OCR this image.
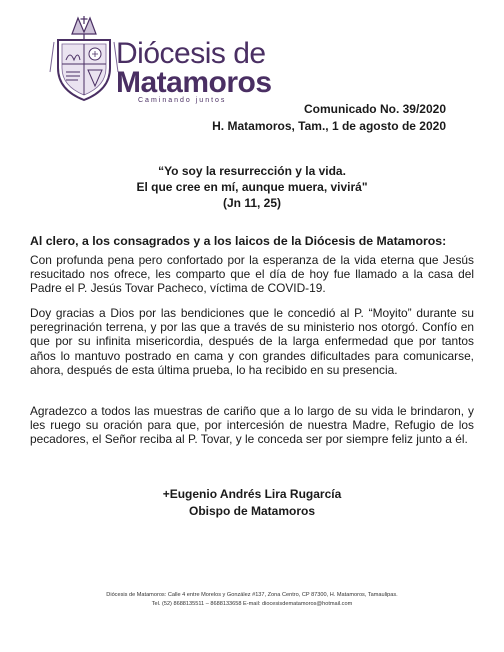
Diócesis de
Matamoros
Caminando juntos
Comunicado No. 39/2020
H. Matamoros, Tam., 1 de agosto de 2020
“Yo soy la resurrección y la vida.
El que cree en mí, aunque muera, vivirá"
(Jn 11, 25)
Al clero, a los consagrados y a los laicos de la Diócesis de Matamoros:
Con profunda pena pero confortado por la esperanza de la vida eterna que Jesús resucitado nos ofrece, les comparto que el día de hoy fue llamado a la casa del Padre el P. Jesús Tovar Pacheco, víctima de COVID-19.
Doy gracias a Dios por las bendiciones que le concedió al P. “Moyito” durante su peregrinación terrena, y por las que a través de su ministerio nos otorgó. Confío en que por su infinita misericordia, después de la larga enfermedad que por tantos años lo mantuvo postrado en cama y con grandes dificultades para comunicarse, ahora, después de esta última prueba, lo ha recibido en su presencia.
Agradezco a todos las muestras de cariño que a lo largo de su vida le brindaron, y les ruego su oración para que, por intercesión de nuestra Madre, Refugio de los pecadores, el Señor reciba al P. Tovar, y le conceda ser por siempre feliz junto a él.
+Eugenio Andrés Lira Rugarcía
Obispo de Matamoros
Diócesis de Matamoros: Calle 4 entre Morelos y González #137, Zona Centro, CP 87300, H. Matamoros, Tamaulipas.
Tel. (52) 8688135511 – 8688133658 E-mail: diocesisdematamoros@hotmail.com
